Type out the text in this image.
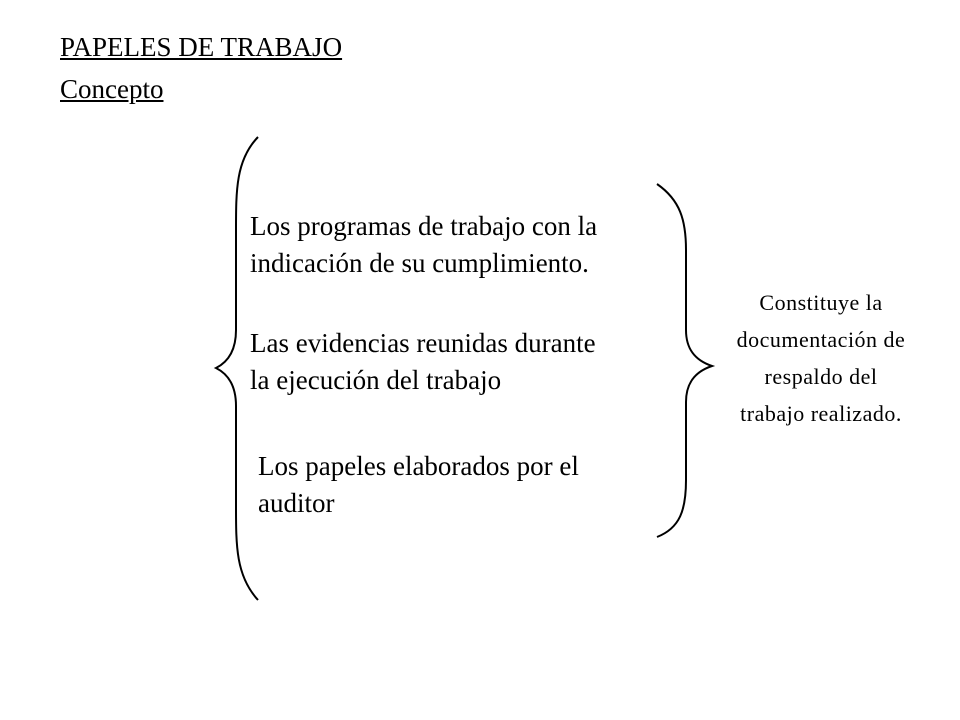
PAPELES DE TRABAJO
Concepto
Los programas de trabajo con la
indicación de su cumplimiento.
Las evidencias reunidas durante
la ejecución del trabajo
Los papeles elaborados por el
auditor
Constituye la
documentación de
respaldo del
trabajo realizado.
